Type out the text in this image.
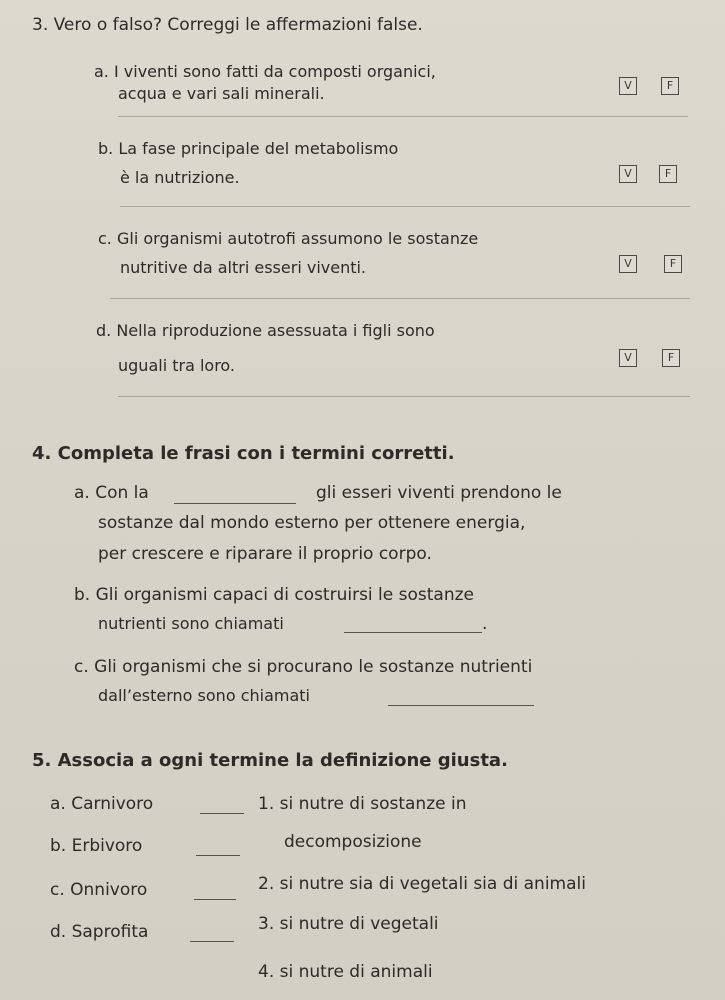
3. Vero o falso? Correggi le affermazioni false.
a. I viventi sono fatti da composti organici,
acqua e vari sali minerali.	V	F
b. La fase principale del metabolismo
è la nutrizione.	V	F
c. Gli organismi autotrofi assumono le sostanze
nutritive da altri esseri viventi.	V	F
d. Nella riproduzione asessuata i figli sono
uguali tra loro.	V	F
4. Completa le frasi con i termini corretti.
a. Con la	gli esseri viventi prendono le
sostanze dal mondo esterno per ottenere energia,
per crescere e riparare il proprio corpo.
b. Gli organismi capaci di costruirsi le sostanze
nutrienti sono chiamati	.
c. Gli organismi che si procurano le sostanze nutrienti
dall’esterno sono chiamati
5. Associa a ogni termine la definizione giusta.
a. Carnivoro
b. Erbivoro
c. Onnivoro
d. Saprofita
1. si nutre di sostanze in
decomposizione
2. si nutre sia di vegetali sia di animali
3. si nutre di vegetali
4. si nutre di animali
